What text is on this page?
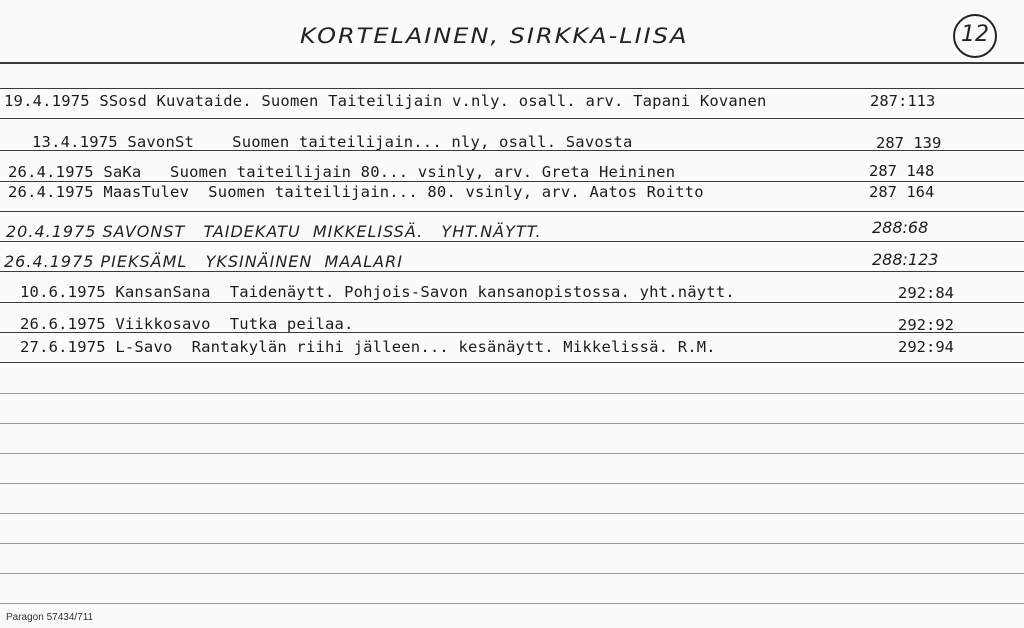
KORTELAINEN, SIRKKA-LIISA	12
19.4.1975 SSosd Kuvataide. Suomen Taiteilijain v.nly. osall. arv. Tapani Kovanen	287:113
13.4.1975 SavonSt    Suomen taiteilijain... nly, osall. Savosta	287 139
26.4.1975 SaKa   Suomen taiteilijain 80... vsinly, arv. Greta Heininen	287 148
26.4.1975 MaasTulev  Suomen taiteilijain... 80. vsinly, arv. Aatos Roitto	287 164
20.4.1975 SAVONST   TAIDEKATU  MIKKELISSÄ.   YHT.NÄYTT.	288:68
26.4.1975 PIEKSÄML   YKSINÄINEN  MAALARI	288:123
10.6.1975 KansanSana  Taidenäytt. Pohjois-Savon kansanopistossa. yht.näytt.	292:84
26.6.1975 Viikkosavo  Tutka peilaa.	292:92
27.6.1975 L-Savo  Rantakylän riihi jälleen... kesänäytt. Mikkelissä. R.M.	292:94
Paragon 57434/711
